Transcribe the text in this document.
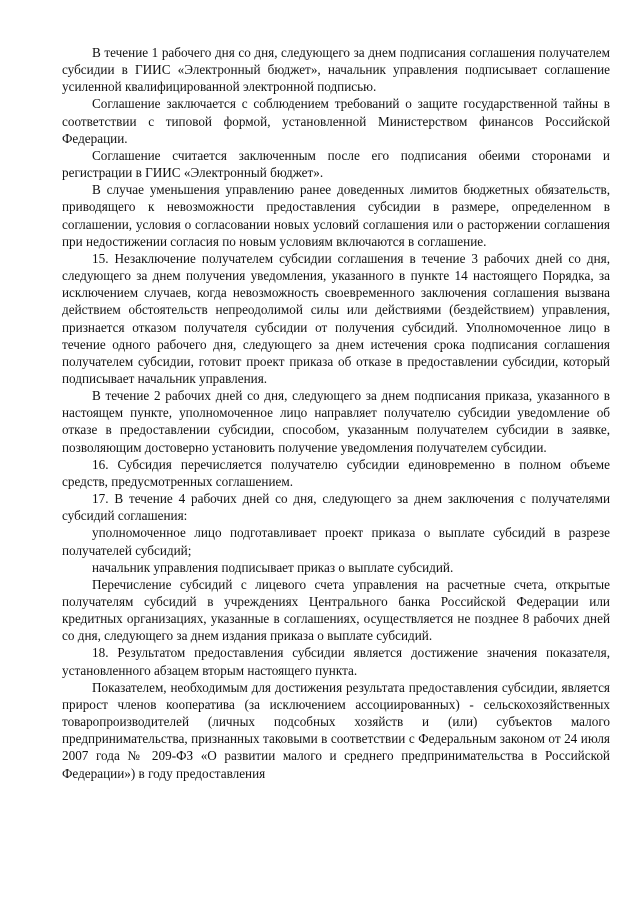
В течение 1 рабочего дня со дня, следующего за днем подписания соглашения получателем субсидии в ГИИС «Электронный бюджет», начальник управления подписывает соглашение усиленной квалифицированной электронной подписью.

Соглашение заключается с соблюдением требований о защите государственной тайны в соответствии с типовой формой, установленной Министерством финансов Российской Федерации.

Соглашение считается заключенным после его подписания обеими сторонами и регистрации в ГИИС «Электронный бюджет».

В случае уменьшения управлению ранее доведенных лимитов бюджетных обязательств, приводящего к невозможности предоставления субсидии в размере, определенном в соглашении, условия о согласовании новых условий соглашения или о расторжении соглашения при недостижении согласия по новым условиям включаются в соглашение.

15. Незаключение получателем субсидии соглашения в течение 3 рабочих дней со дня, следующего за днем получения уведомления, указанного в пункте 14 настоящего Порядка, за исключением случаев, когда невозможность своевременного заключения соглашения вызвана действием обстоятельств непреодолимой силы или действиями (бездействием) управления, признается отказом получателя субсидии от получения субсидий. Уполномоченное лицо в течение одного рабочего дня, следующего за днем истечения срока подписания соглашения получателем субсидии, готовит проект приказа об отказе в предоставлении субсидии, который подписывает начальник управления.

В течение 2 рабочих дней со дня, следующего за днем подписания приказа, указанного в настоящем пункте, уполномоченное лицо направляет получателю субсидии уведомление об отказе в предоставлении субсидии, способом, указанным получателем субсидии в заявке, позволяющим достоверно установить получение уведомления получателем субсидии.

16. Субсидия перечисляется получателю субсидии единовременно в полном объеме средств, предусмотренных соглашением.

17. В течение 4 рабочих дней со дня, следующего за днем заключения с получателями субсидий соглашения:

уполномоченное лицо подготавливает проект приказа о выплате субсидий в разрезе получателей субсидий;

начальник управления подписывает приказ о выплате субсидий.

Перечисление субсидий с лицевого счета управления на расчетные счета, открытые получателям субсидий в учреждениях Центрального банка Российской Федерации или кредитных организациях, указанные в соглашениях, осуществляется не позднее 8 рабочих дней со дня, следующего за днем издания приказа о выплате субсидий.

18. Результатом предоставления субсидии является достижение значения показателя, установленного абзацем вторым настоящего пункта.

Показателем, необходимым для достижения результата предоставления субсидии, является прирост членов кооператива (за исключением ассоциированных) - сельскохозяйственных товаропроизводителей (личных подсобных хозяйств и (или) субъектов малого предпринимательства, признанных таковыми в соответствии с Федеральным законом от 24 июля 2007 года № 209-ФЗ «О развитии малого и среднего предпринимательства в Российской Федерации») в году предоставления
